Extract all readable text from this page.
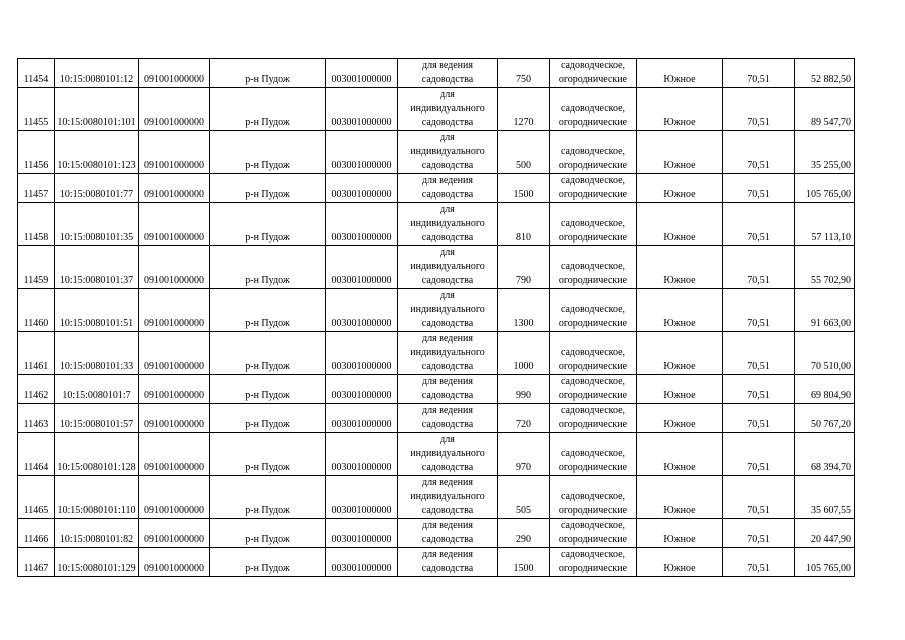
11454	10:15:0080101:12	091001000000	р-н Пудож	003001000000	для ведения
садоводства	750	садоводческое,
огороднические	Южное	70,51	52 882,50
11455	10:15:0080101:101	091001000000	р-н Пудож	003001000000	для
индивидуального
садоводства	1270	садоводческое,
огороднические	Южное	70,51	89 547,70
11456	10:15:0080101:123	091001000000	р-н Пудож	003001000000	для
индивидуального
садоводства	500	садоводческое,
огороднические	Южное	70,51	35 255,00
11457	10:15:0080101:77	091001000000	р-н Пудож	003001000000	для ведения
садоводства	1500	садоводческое,
огороднические	Южное	70,51	105 765,00
11458	10:15:0080101:35	091001000000	р-н Пудож	003001000000	для
индивидуального
садоводства	810	садоводческое,
огороднические	Южное	70,51	57 113,10
11459	10:15:0080101:37	091001000000	р-н Пудож	003001000000	для
индивидуального
садоводства	790	садоводческое,
огороднические	Южное	70,51	55 702,90
11460	10:15:0080101:51	091001000000	р-н Пудож	003001000000	для
индивидуального
садоводства	1300	садоводческое,
огороднические	Южное	70,51	91 663,00
11461	10:15:0080101:33	091001000000	р-н Пудож	003001000000	для ведения
индивидуального
садоводства	1000	садоводческое,
огороднические	Южное	70,51	70 510,00
11462	10:15:0080101:7	091001000000	р-н Пудож	003001000000	для ведения
садоводства	990	садоводческое,
огороднические	Южное	70,51	69 804,90
11463	10:15:0080101:57	091001000000	р-н Пудож	003001000000	для ведения
садоводства	720	садоводческое,
огороднические	Южное	70,51	50 767,20
11464	10:15:0080101:128	091001000000	р-н Пудож	003001000000	для
индивидуального
садоводства	970	садоводческое,
огороднические	Южное	70,51	68 394,70
11465	10:15:0080101:110	091001000000	р-н Пудож	003001000000	для ведения
индивидуального
садоводства	505	садоводческое,
огороднические	Южное	70,51	35 607,55
11466	10:15:0080101:82	091001000000	р-н Пудож	003001000000	для ведения
садоводства	290	садоводческое,
огороднические	Южное	70,51	20 447,90
11467	10:15:0080101:129	091001000000	р-н Пудож	003001000000	для ведения
садоводства	1500	садоводческое,
огороднические	Южное	70,51	105 765,00
